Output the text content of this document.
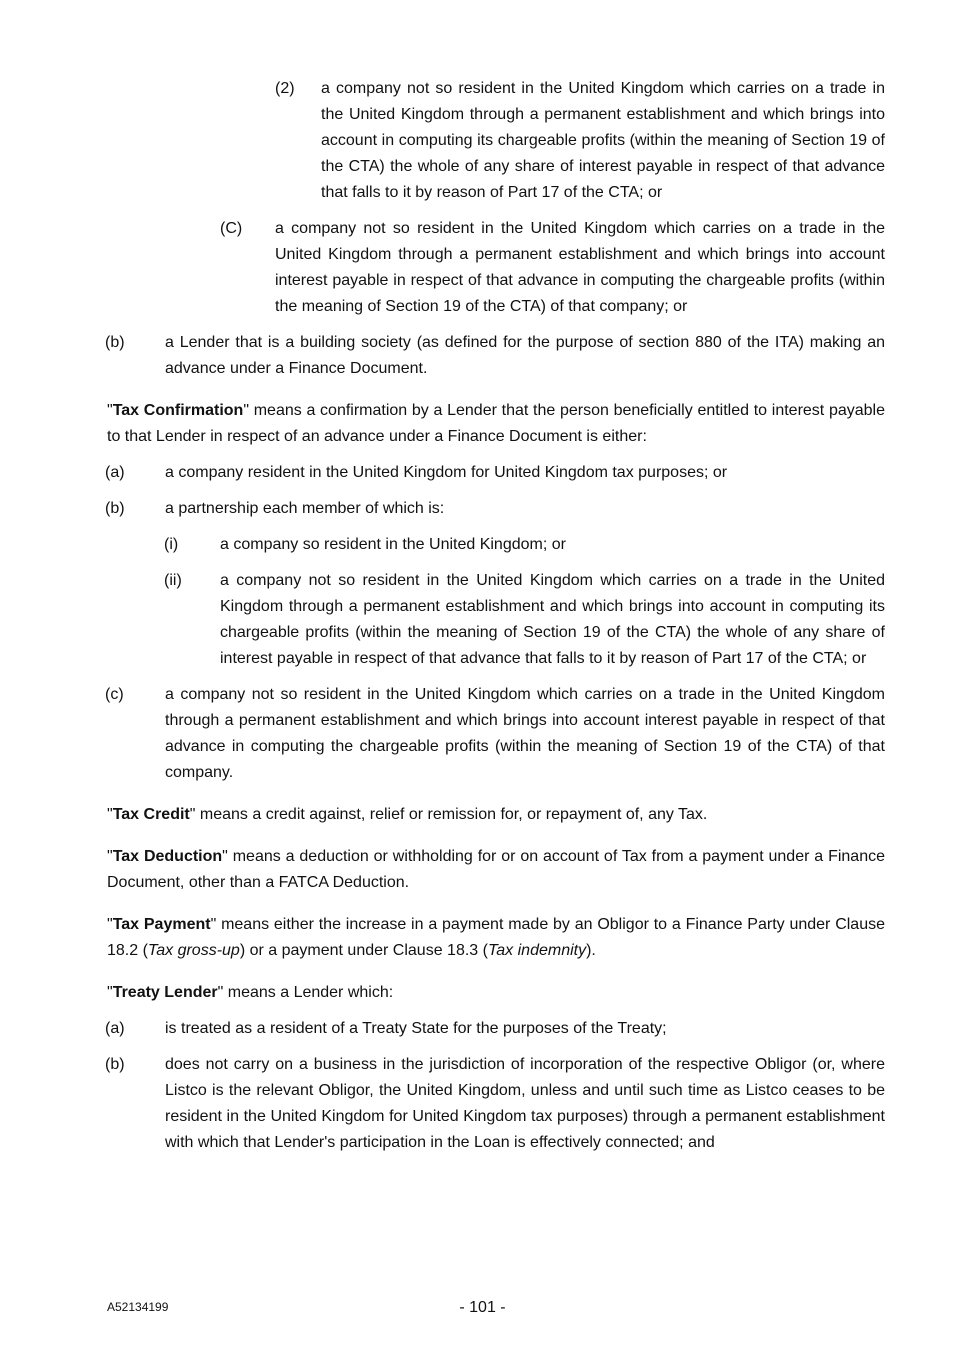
(2) a company not so resident in the United Kingdom which carries on a trade in the United Kingdom through a permanent establishment and which brings into account in computing its chargeable profits (within the meaning of Section 19 of the CTA) the whole of any share of interest payable in respect of that advance that falls to it by reason of Part 17 of the CTA; or
(C) a company not so resident in the United Kingdom which carries on a trade in the United Kingdom through a permanent establishment and which brings into account interest payable in respect of that advance in computing the chargeable profits (within the meaning of Section 19 of the CTA) of that company; or
(b)	a Lender that is a building society (as defined for the purpose of section 880 of the ITA) making an advance under a Finance Document.

"Tax Confirmation" means a confirmation by a Lender that the person beneficially entitled to interest payable to that Lender in respect of an advance under a Finance Document is either:

(a)	a company resident in the United Kingdom for United Kingdom tax purposes; or
(b)	a partnership each member of which is:
(i)	a company so resident in the United Kingdom; or
(ii) a company not so resident in the United Kingdom which carries on a trade in the United Kingdom through a permanent establishment and which brings into account in computing its chargeable profits (within the meaning of Section 19 of the CTA) the whole of any share of interest payable in respect of that advance that falls to it by reason of Part 17 of the CTA; or
(c)	a company not so resident in the United Kingdom which carries on a trade in the United Kingdom through a permanent establishment and which brings into account interest payable in respect of that advance in computing the chargeable profits (within the meaning of Section 19 of the CTA) of that company.

"Tax Credit" means a credit against, relief or remission for, or repayment of, any Tax.

"Tax Deduction" means a deduction or withholding for or on account of Tax from a payment under a Finance Document, other than a FATCA Deduction.

"Tax Payment" means either the increase in a payment made by an Obligor to a Finance Party under Clause 18.2 (Tax gross-up) or a payment under Clause 18.3 (Tax indemnity).

"Treaty Lender" means a Lender which:

(a)	is treated as a resident of a Treaty State for the purposes of the Treaty;
(b)	does not carry on a business in the jurisdiction of incorporation of the respective Obligor (or, where Listco is the relevant Obligor, the United Kingdom, unless and until such time as Listco ceases to be resident in the United Kingdom for United Kingdom tax purposes) through a permanent establishment with which that Lender's participation in the Loan is effectively connected; and
A52134199	- 101 -
